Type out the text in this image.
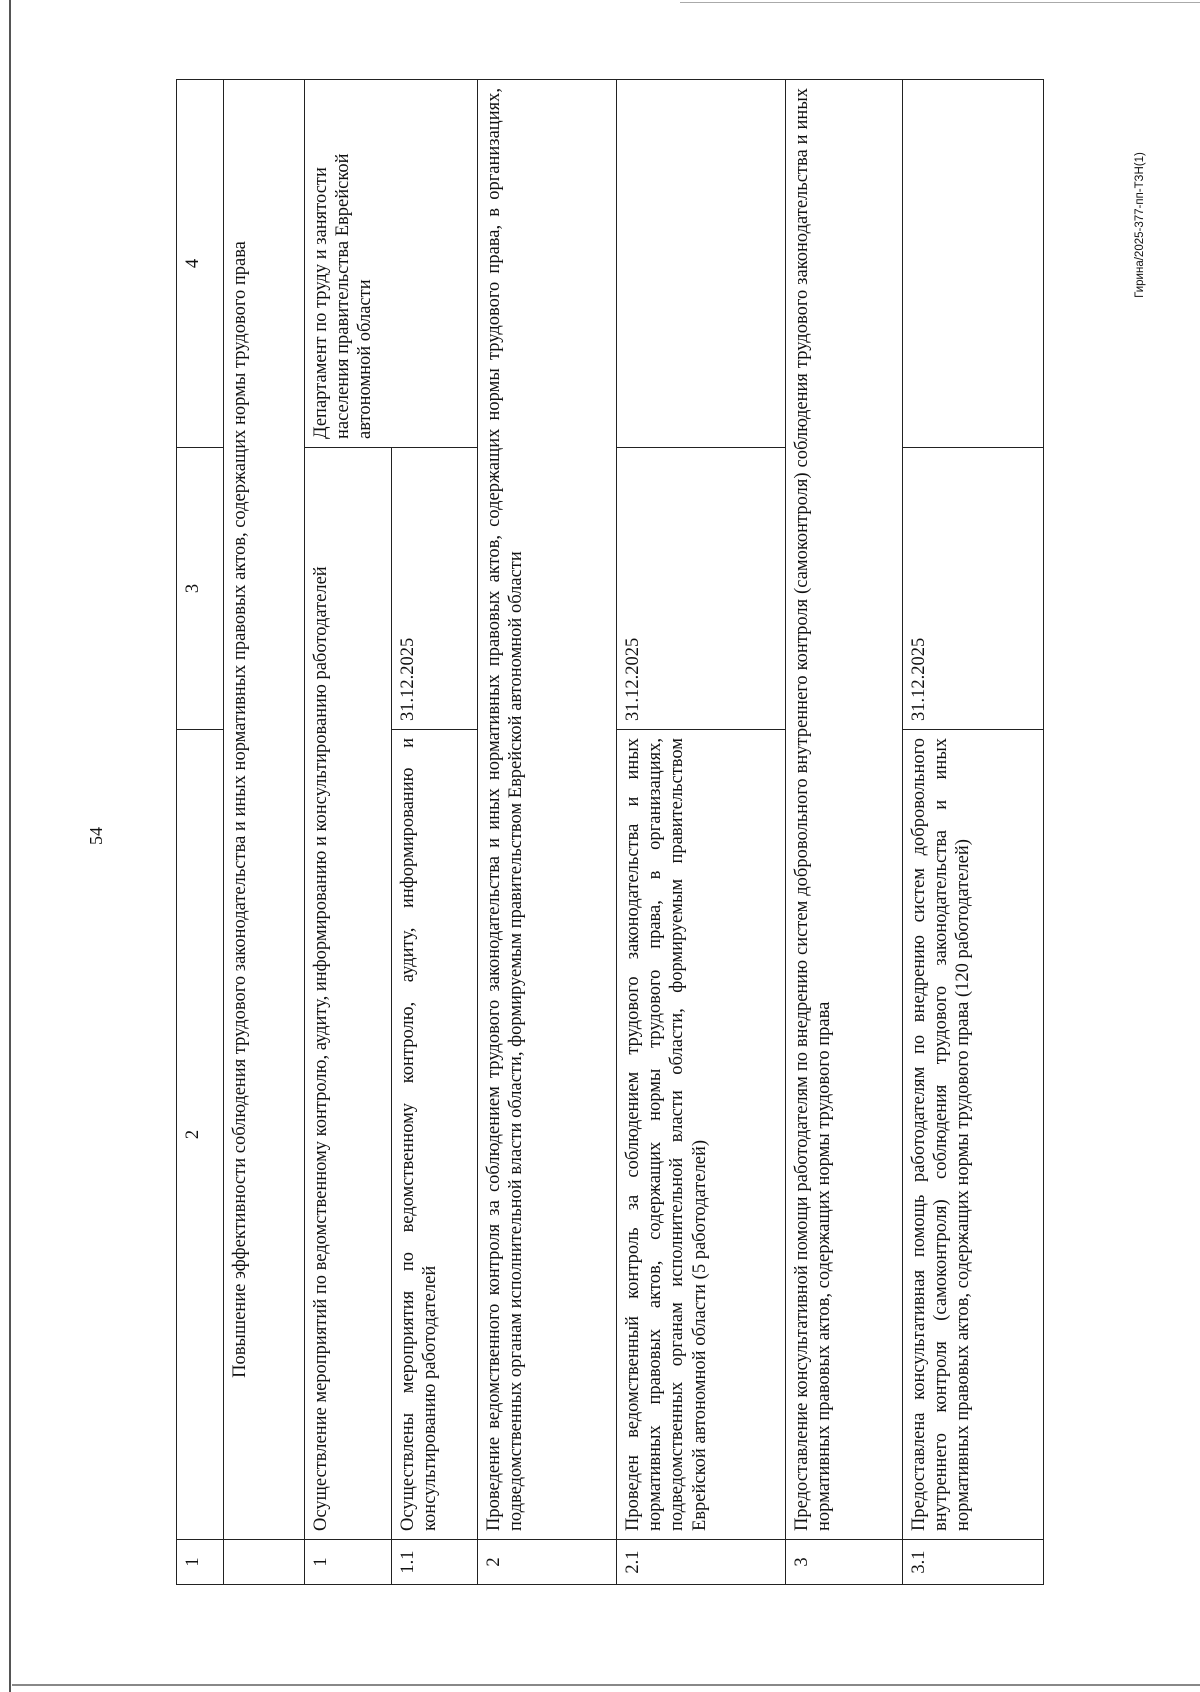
54
Гирина/2025-377-пп-ТЗН(1)
1	2	3	4
	Повышение эффективности соблюдения трудового законодательства и иных нормативных правовых актов, содержащих нормы трудового права		
1	Осуществление мероприятий по ведомственному контролю, аудиту, информированию и консультированию работодателей		Департамент по труду и занятости населения правительства Еврейской автономной области
1.1	Осуществлены мероприятия по ведомственному контролю, аудиту, информированию и консультированию работодателей	31.12.2025	
2	Проведение ведомственного контроля за соблюдением трудового законодательства и иных нормативных правовых актов, содержащих нормы трудового права, в организациях, подведомственных органам исполнительной власти области, формируемым правительством Еврейской автономной области		
2.1	Проведен ведомственный контроль за соблюдением трудового законодательства и иных нормативных правовых актов, содержащих нормы трудового права, в организациях, подведомственных органам исполнительной власти области, формируемым правительством Еврейской автономной области (5 работодателей)	31.12.2025	
3	Предоставление консультативной помощи работодателям по внедрению систем добровольного внутреннего контроля (самоконтроля) соблюдения трудового законодательства и иных нормативных правовых актов, содержащих нормы трудового права		
3.1	Предоставлена консультативная помощь работодателям по внедрению систем добровольного внутреннего контроля (самоконтроля) соблюдения трудового законодательства и иных нормативных правовых актов, содержащих нормы трудового права (120 работодателей)	31.12.2025	
